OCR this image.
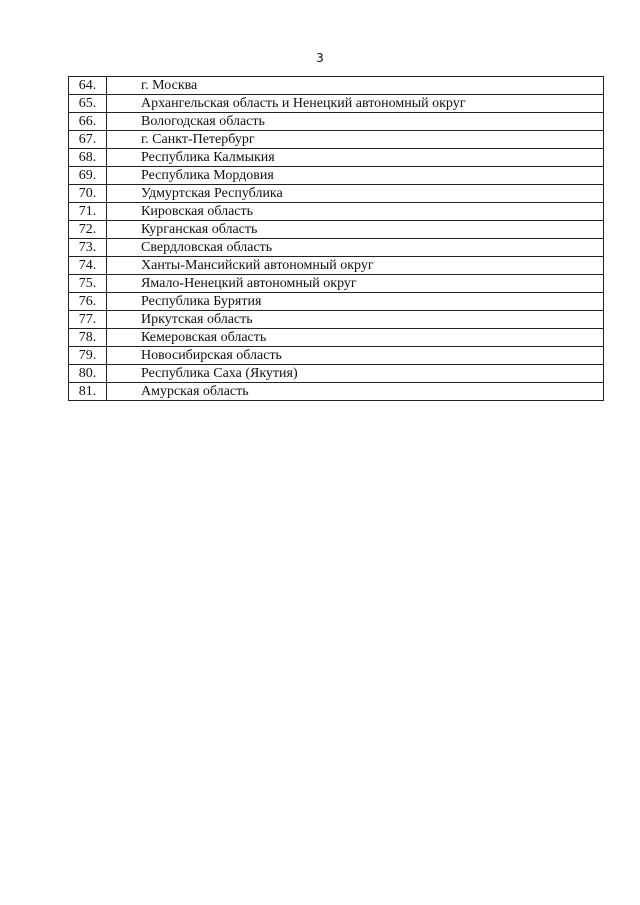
3
64.	г. Москва
65.	Архангельская область и Ненецкий автономный округ
66.	Вологодская область
67.	г. Санкт-Петербург
68.	Республика Калмыкия
69.	Республика Мордовия
70.	Удмуртская Республика
71.	Кировская область
72.	Курганская область
73.	Свердловская область
74.	Ханты-Мансийский автономный округ
75.	Ямало-Ненецкий автономный округ
76.	Республика Бурятия
77.	Иркутская область
78.	Кемеровская область
79.	Новосибирская область
80.	Республика Саха (Якутия)
81.	Амурская область
